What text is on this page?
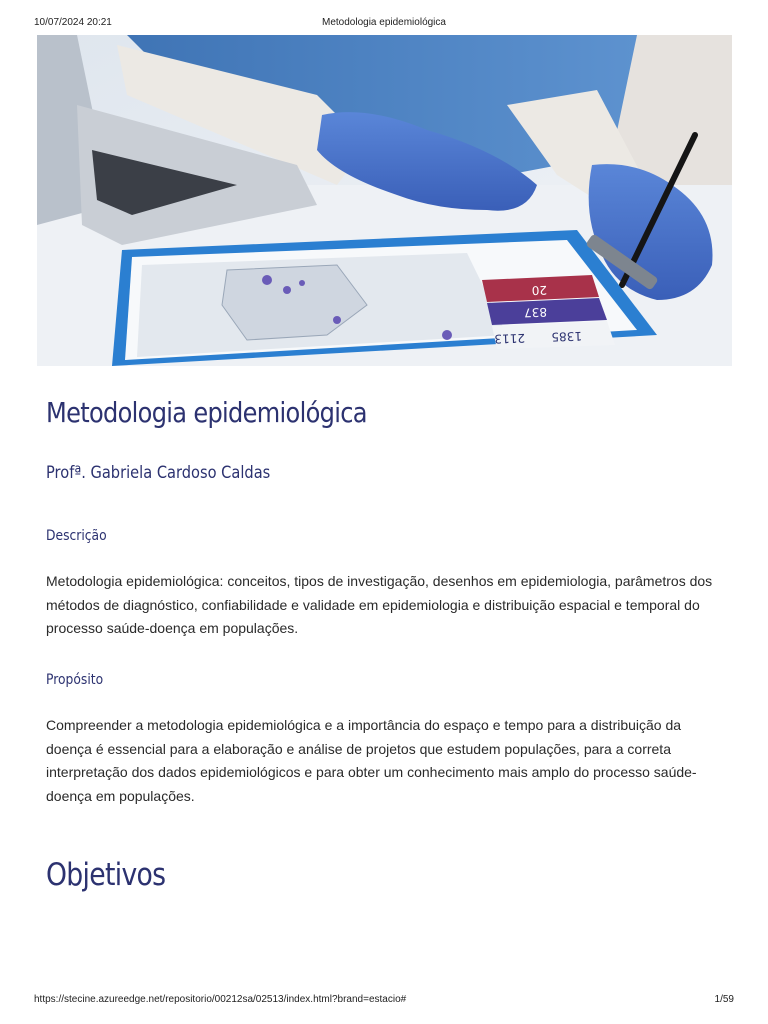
10/07/2024 20:21	Metodologia epidemiológica
20
837
1385
2113
Metodologia epidemiológica
Profª. Gabriela Cardoso Caldas
Descrição
Metodologia epidemiológica: conceitos, tipos de investigação, desenhos em epidemiologia, parâmetros dos métodos de diagnóstico, confiabilidade e validade em epidemiologia e distribuição espacial e temporal do processo saúde-doença em populações.
Propósito
Compreender a metodologia epidemiológica e a importância do espaço e tempo para a distribuição da doença é essencial para a elaboração e análise de projetos que estudem populações, para a correta interpretação dos dados epidemiológicos e para obter um conhecimento mais amplo do processo saúde-doença em populações.
Objetivos
https://stecine.azureedge.net/repositorio/00212sa/02513/index.html?brand=estacio#	1/59
